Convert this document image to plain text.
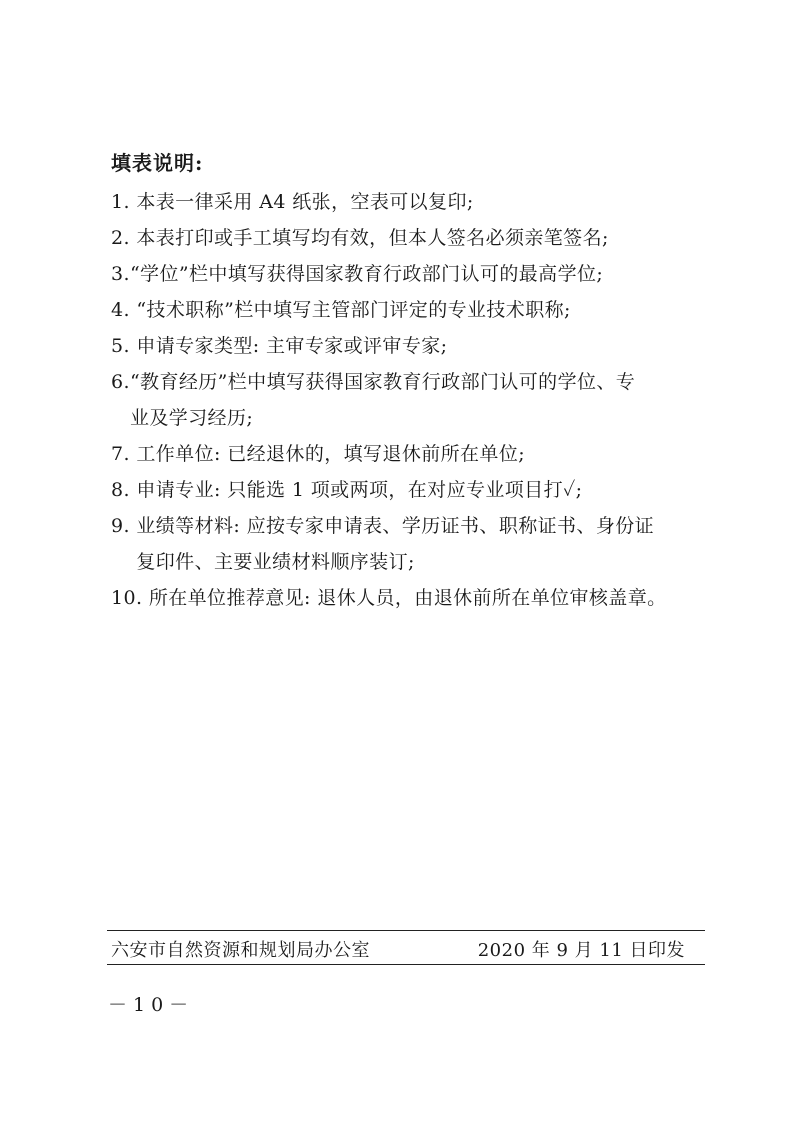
填表说明:
1. 本表一律采用 A4 纸张，空表可以复印;
2. 本表打印或手工填写均有效，但本人签名必须亲笔签名;
3. “学位”栏中填写获得国家教育行政部门认可的最高学位;
4. “技术职称”栏中填写主管部门评定的专业技术职称;
5. 申请专家类型: 主审专家或评审专家;
6. “教育经历”栏中填写获得国家教育行政部门认可的学位、专
业及学习经历;
7. 工作单位: 已经退休的，填写退休前所在单位;
8. 申请专业: 只能选 1 项或两项，在对应专业项目打✓;
9. 业绩等材料: 应按专家申请表、学历证书、职称证书、身份证
复印件、主要业绩材料顺序装订;
10. 所在单位推荐意见: 退休人员，由退休前所在单位审核盖章。
六安市自然资源和规划局办公室	2020 年 9 月 11 日印发
－10－
